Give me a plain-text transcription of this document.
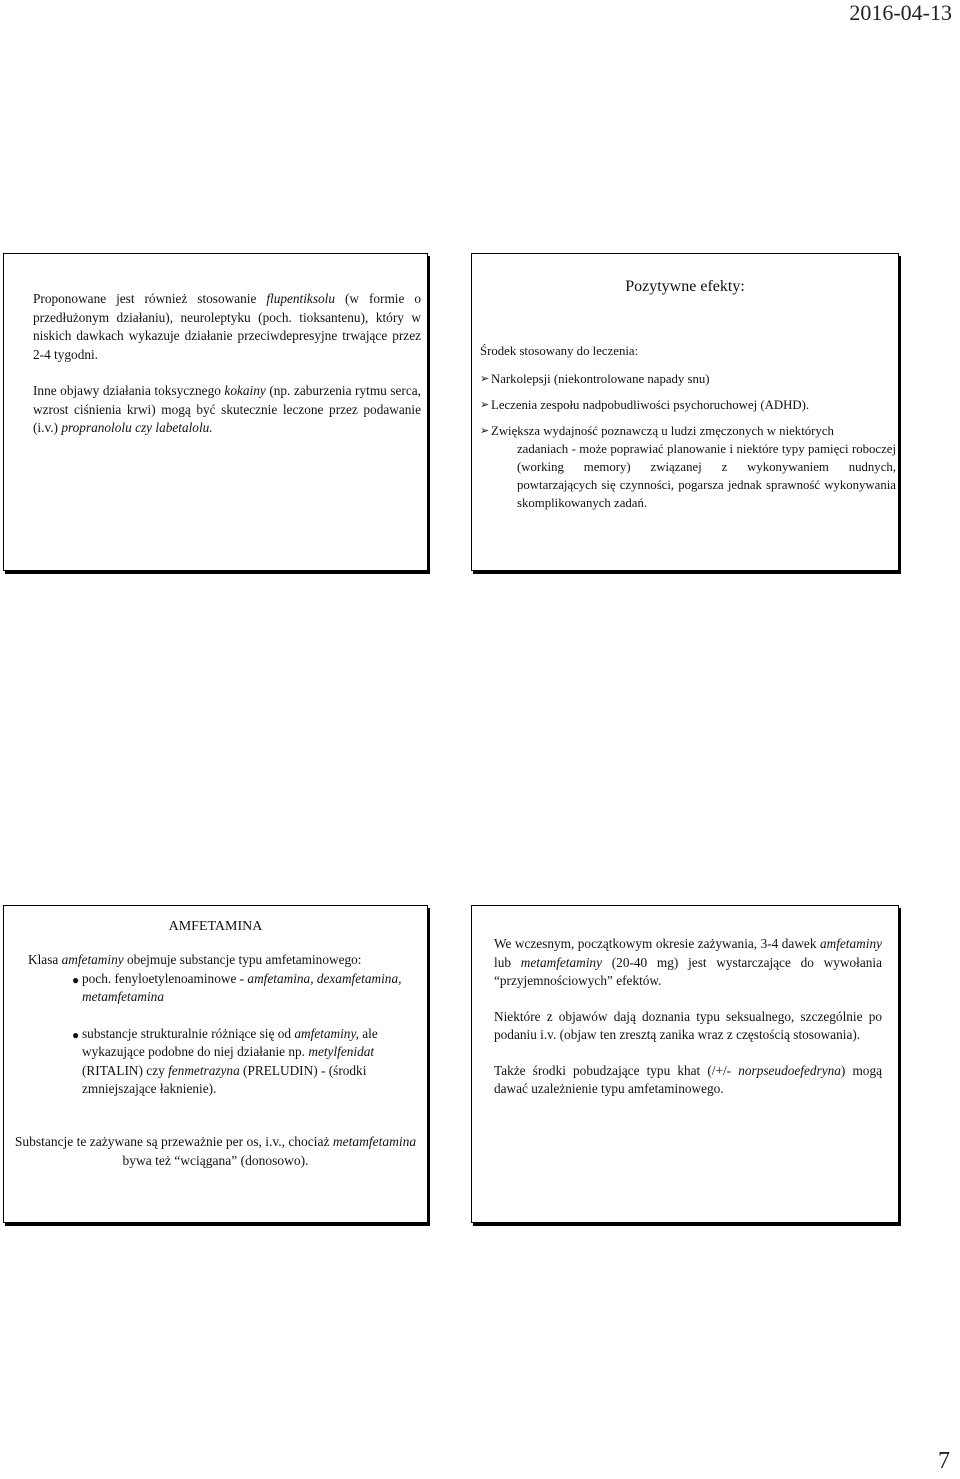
2016-04-13

Proponowane jest również stosowanie flupentiksolu (w formie o przedłużonym działaniu), neuroleptyku (poch. tioksantenu), który w niskich dawkach wykazuje działanie przeciwdepresyjne trwające przez 2-4 tygodni.

Inne objawy działania toksycznego kokainy (np. zaburzenia rytmu serca, wzrost ciśnienia krwi) mogą być skutecznie leczone przez podawanie (i.v.) propranololu czy labetalolu.

Pozytywne efekty:

Środek stosowany do leczenia:

➢ Narkolepsji (niekontrolowane napady snu)
➢ Leczenia zespołu nadpobudliwości psychoruchowej (ADHD).
➢ Zwiększa wydajność poznawczą u ludzi zmęczonych w niektórych
zadaniach - może poprawiać planowanie i niektóre typy pamięci roboczej (working memory) związanej z wykonywaniem nudnych, powtarzających się czynności, pogarsza jednak sprawność wykonywania skomplikowanych zadań.
AMFETAMINA

Klasa amfetaminy obejmuje substancje typu amfetaminowego:

● poch. fenyloetylenoaminowe - amfetamina, dexamfetamina, metamfetamina
● substancje strukturalnie różniące się od amfetaminy, ale wykazujące podobne do niej działanie np. metylfenidat (RITALIN) czy fenmetrazyna (PRELUDIN) - (środki zmniejszające łaknienie).
Substancje te zażywane są przeważnie per os, i.v., chociaż metamfetamina bywa też “wciągana” (donosowo).

We wczesnym, początkowym okresie zażywania, 3-4 dawek amfetaminy lub metamfetaminy (20-40 mg) jest wystarczające do wywołania “przyjemnościowych” efektów.

Niektóre z objawów dają doznania typu seksualnego, szczególnie po podaniu i.v. (objaw ten zresztą zanika wraz z częstością stosowania).

Także środki pobudzające typu khat (/+/- norpseudoefedryna) mogą dawać uzależnienie typu amfetaminowego.

7
